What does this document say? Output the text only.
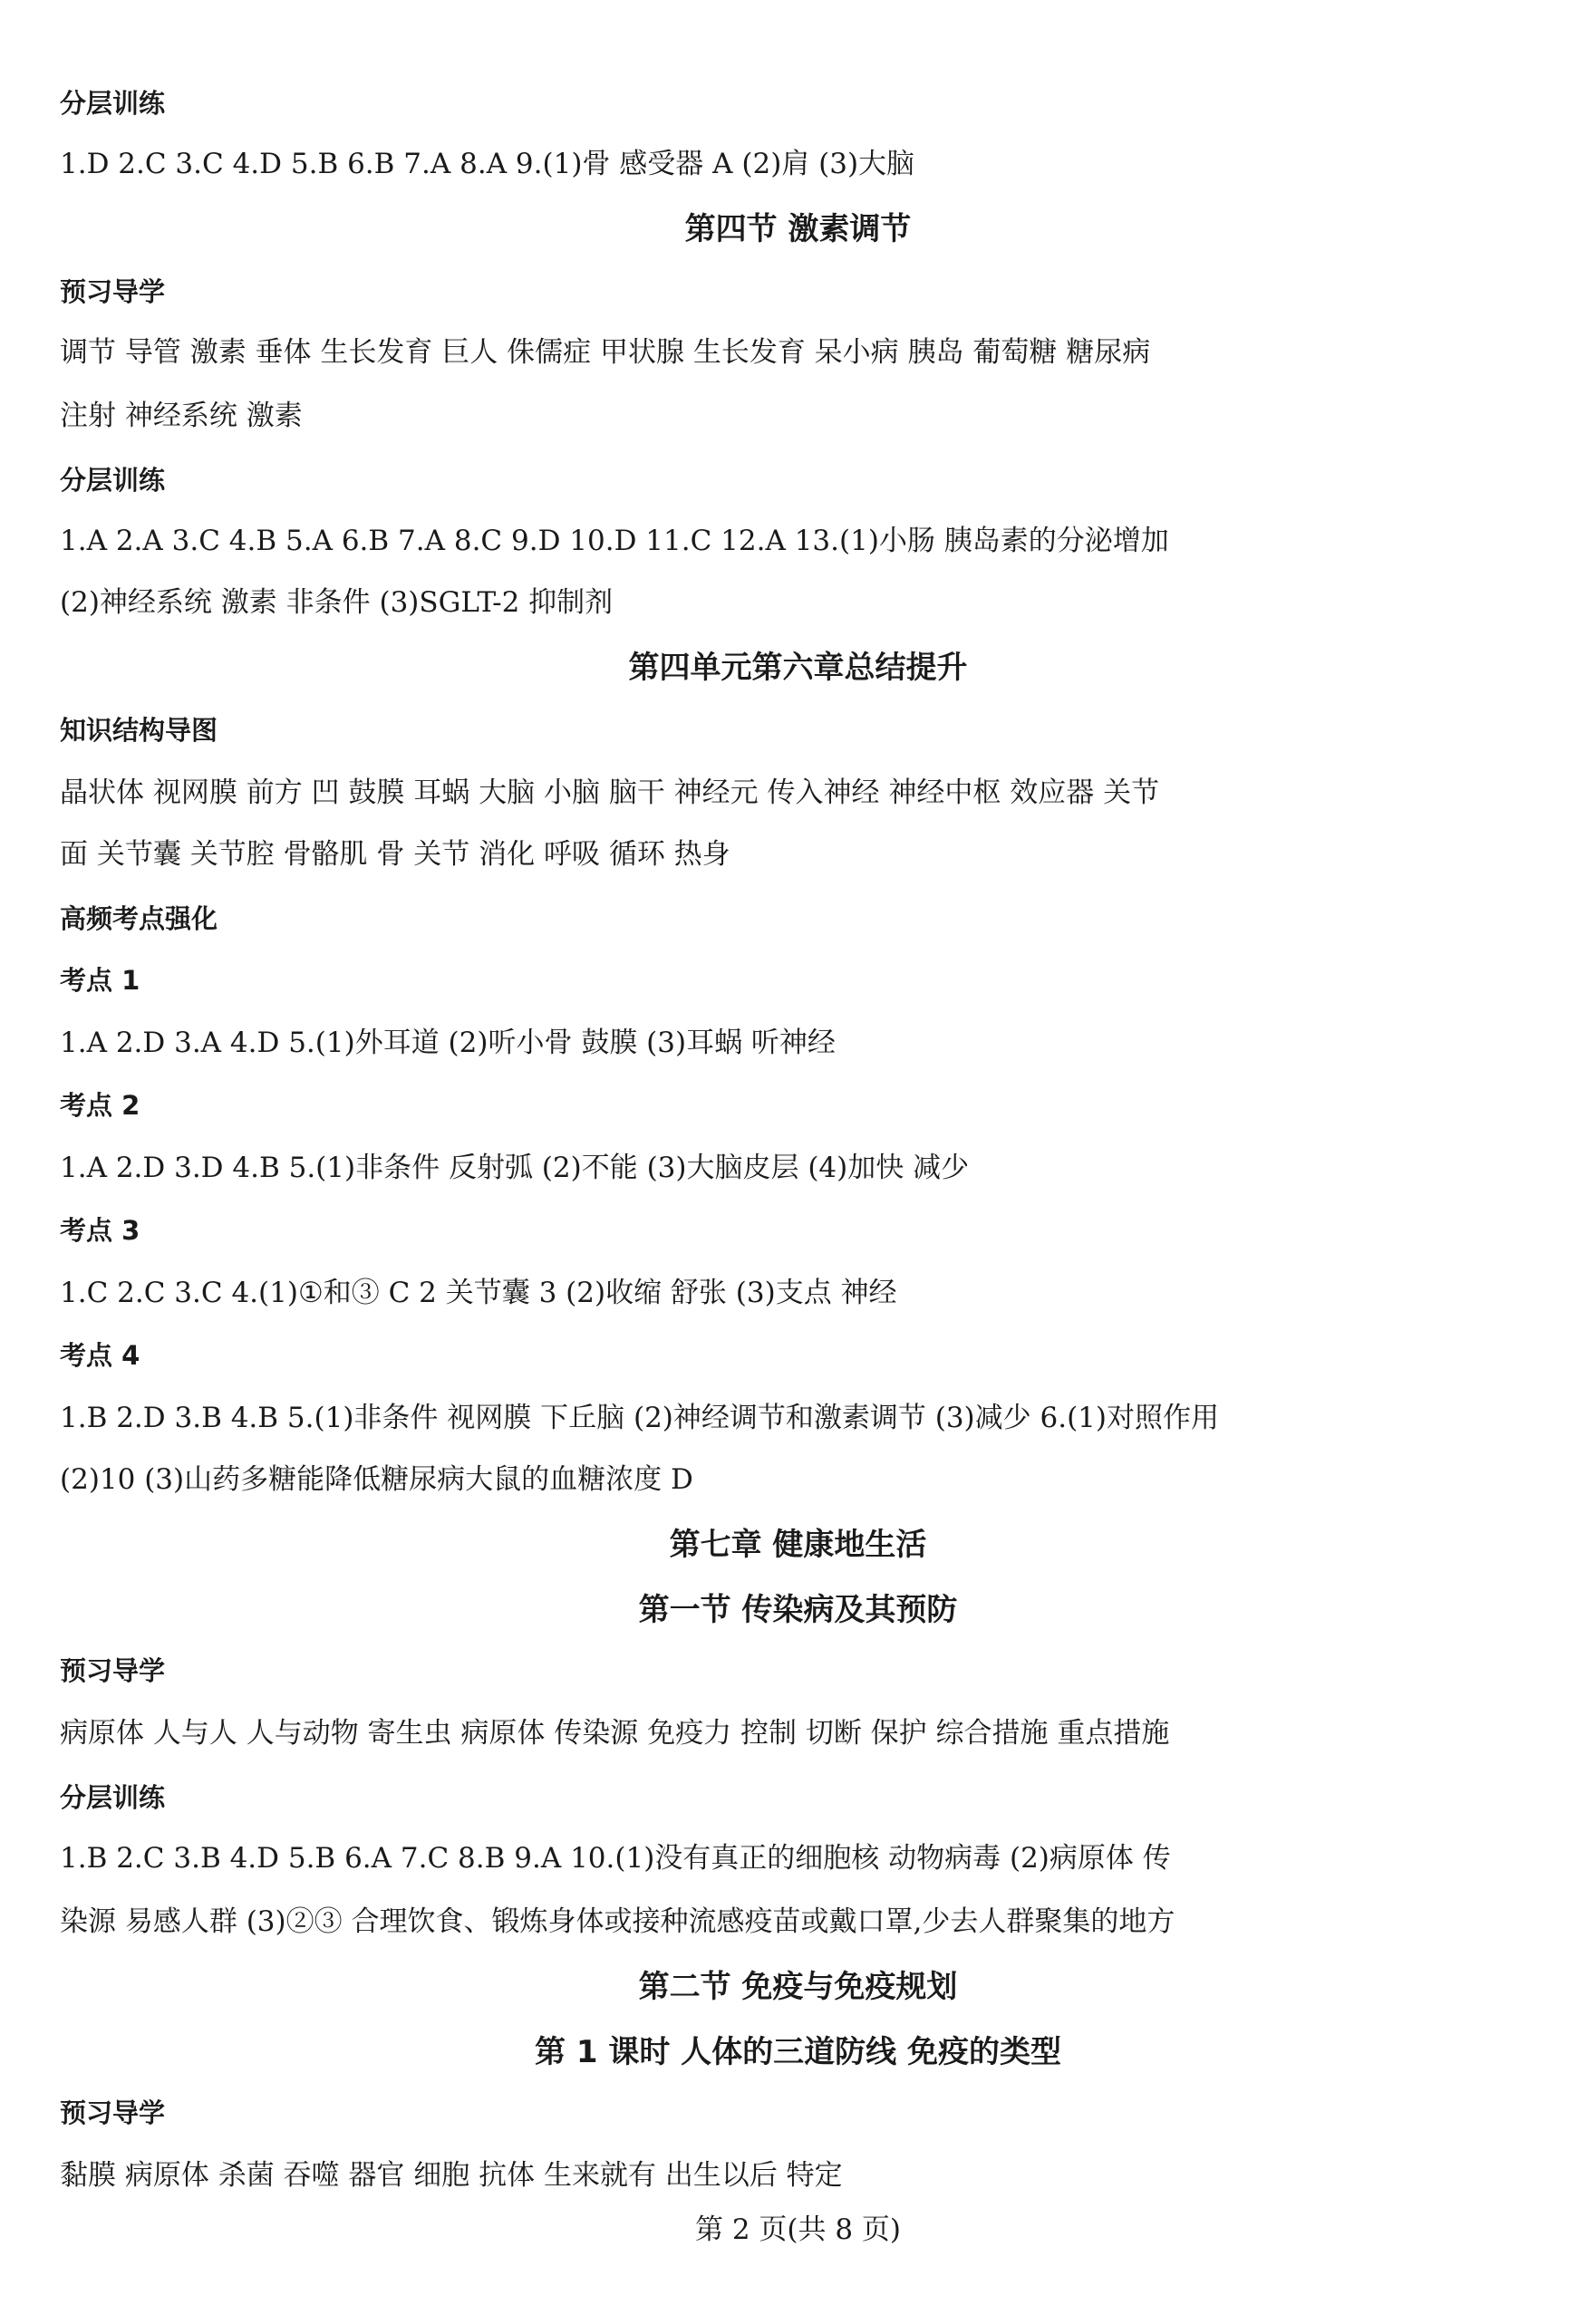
分层训练
1.D 2.C 3.C 4.D 5.B 6.B 7.A 8.A 9.(1)骨 感受器 A (2)肩 (3)大脑
第四节 激素调节
预习导学
调节 导管 激素 垂体 生长发育 巨人 侏儒症 甲状腺 生长发育 呆小病 胰岛 葡萄糖 糖尿病
注射 神经系统 激素
分层训练
1.A 2.A 3.C 4.B 5.A 6.B 7.A 8.C 9.D 10.D 11.C 12.A 13.(1)小肠 胰岛素的分泌增加
(2)神经系统 激素 非条件 (3)SGLT-2 抑制剂
第四单元第六章总结提升
知识结构导图
晶状体 视网膜 前方 凹 鼓膜 耳蜗 大脑 小脑 脑干 神经元 传入神经 神经中枢 效应器 关节
面 关节囊 关节腔 骨骼肌 骨 关节 消化 呼吸 循环 热身
高频考点强化
考点 1
1.A 2.D 3.A 4.D 5.(1)外耳道 (2)听小骨 鼓膜 (3)耳蜗 听神经
考点 2
1.A 2.D 3.D 4.B 5.(1)非条件 反射弧 (2)不能 (3)大脑皮层 (4)加快 减少
考点 3
1.C 2.C 3.C 4.(1)①和③ C 2 关节囊 3 (2)收缩 舒张 (3)支点 神经
考点 4
1.B 2.D 3.B 4.B 5.(1)非条件 视网膜 下丘脑 (2)神经调节和激素调节 (3)减少 6.(1)对照作用
(2)10 (3)山药多糖能降低糖尿病大鼠的血糖浓度 D
第七章 健康地生活
第一节 传染病及其预防
预习导学
病原体 人与人 人与动物 寄生虫 病原体 传染源 免疫力 控制 切断 保护 综合措施 重点措施
分层训练
1.B 2.C 3.B 4.D 5.B 6.A 7.C 8.B 9.A 10.(1)没有真正的细胞核 动物病毒 (2)病原体 传
染源 易感人群 (3)②③ 合理饮食、锻炼身体或接种流感疫苗或戴口罩,少去人群聚集的地方
第二节 免疫与免疫规划
第 1 课时 人体的三道防线 免疫的类型
预习导学
黏膜 病原体 杀菌 吞噬 器官 细胞 抗体 生来就有 出生以后 特定
第 2 页(共 8 页)
